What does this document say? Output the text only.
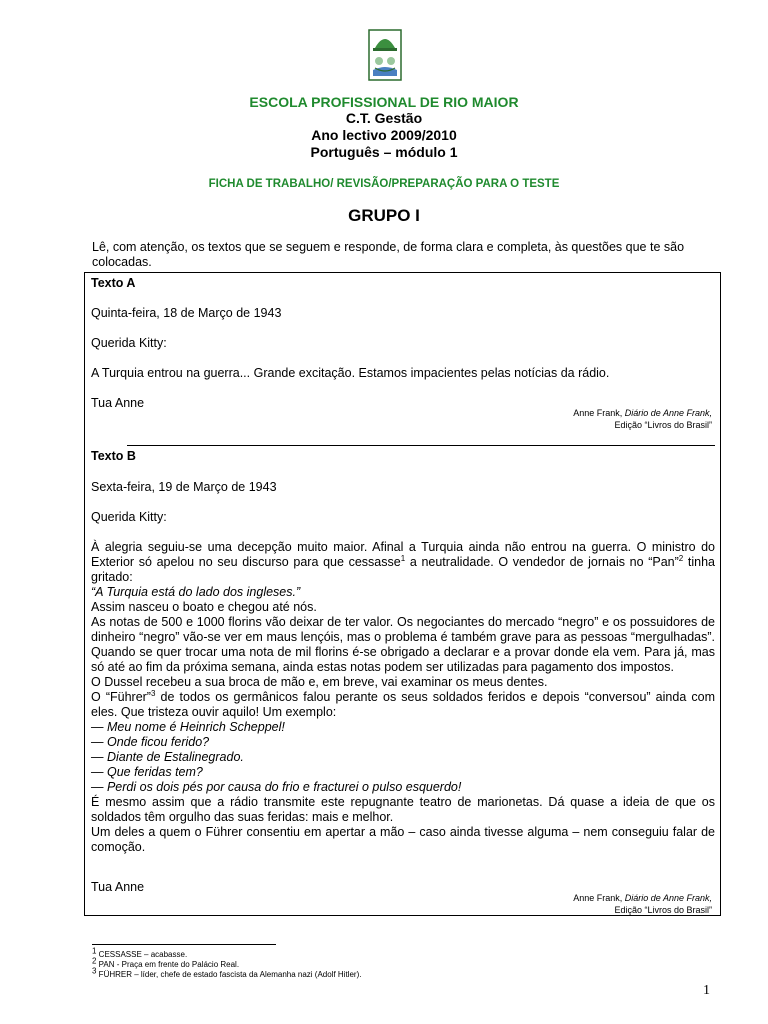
ESCOLA PROFISSIONAL DE RIO MAIOR
C.T. Gestão
Ano lectivo 2009/2010
Português – módulo 1
FICHA DE TRABALHO/ REVISÃO/PREPARAÇÃO PARA O TESTE
GRUPO I
Lê, com atenção, os textos que se seguem e responde, de forma clara e completa, às questões que te são colocadas.
Texto A
Quinta-feira, 18 de Março de 1943
Querida Kitty:
A Turquia entrou na guerra... Grande excitação. Estamos impacientes pelas notícias da rádio.
Tua Anne
Anne Frank, Diário de Anne Frank,
Edição “Livros do Brasil”
Texto B
Sexta-feira, 19 de Março de 1943
Querida Kitty:
À alegria seguiu-se uma decepção muito maior. Afinal a Turquia ainda não entrou na guerra. O ministro do Exterior só apelou no seu discurso para que cessasse$^1$ a neutralidade. O vendedor de jornais no “Pan”$^2$ tinha gritado:
“A Turquia está do lado dos ingleses.”
Assim nasceu o boato e chegou até nós.
As notas de 500 e 1000 florins vão deixar de ter valor. Os negociantes do mercado “negro” e os possuidores de dinheiro “negro” vão-se ver em maus lençóis, mas o problema é também grave para as pessoas “mergulhadas”. Quando se quer trocar uma nota de mil florins é-se obrigado a declarar e a provar donde ela vem. Para já, mas só até ao fim da próxima semana, ainda estas notas podem ser utilizadas para pagamento dos impostos.
O Dussel recebeu a sua broca de mão e, em breve, vai examinar os meus dentes.
O “Führer”$^3$ de todos os germânicos falou perante os seus soldados feridos e depois “conversou” ainda com eles. Que tristeza ouvir aquilo! Um exemplo:
— Meu nome é Heinrich Scheppel!
— Onde ficou ferido?
— Diante de Estalinegrado.
— Que feridas tem?
— Perdi os dois pés por causa do frio e fracturei o pulso esquerdo!
É mesmo assim que a rádio transmite este repugnante teatro de marionetas. Dá quase a ideia de que os soldados têm orgulho das suas feridas: mais e melhor.
Um deles a quem o Führer consentiu em apertar a mão – caso ainda tivesse alguma – nem conseguiu falar de comoção.
Tua Anne
Anne Frank, Diário de Anne Frank,
Edição “Livros do Brasil”
$^1$ CESSASSE – acabasse.
$^2$ PAN - Praça em frente do Palácio Real.
$^3$ FÜHRER – líder, chefe de estado fascista da Alemanha nazi (Adolf Hitler).
1
